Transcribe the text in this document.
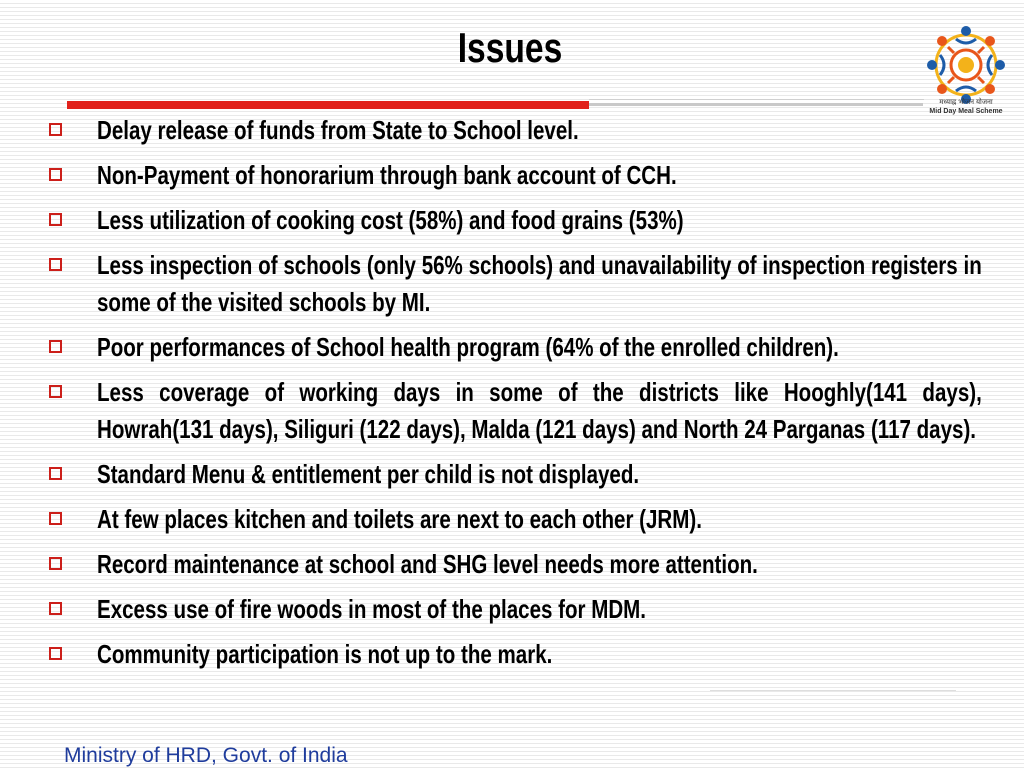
Issues
मध्याह्न भोजन योजना
Mid Day Meal Scheme
Delay release of funds from State to School level.
Non-Payment of honorarium through bank account of CCH.
Less utilization of cooking cost (58%) and food grains (53%)
Less inspection of schools (only 56% schools) and unavailability of inspection registers in some of the visited schools by MI.
Poor performances of School health program (64% of the enrolled children).
Less coverage of working days in some of the districts like Hooghly(141 days), Howrah(131 days), Siliguri (122 days), Malda (121 days) and North 24 Parganas (117 days).
Standard Menu & entitlement per child is not displayed.
At few places kitchen and toilets are next to each other (JRM).
Record maintenance at school and SHG level needs more attention.
Excess use of fire woods in most of the places for MDM.
Community participation is not up to the mark.
Ministry of HRD, Govt. of India
